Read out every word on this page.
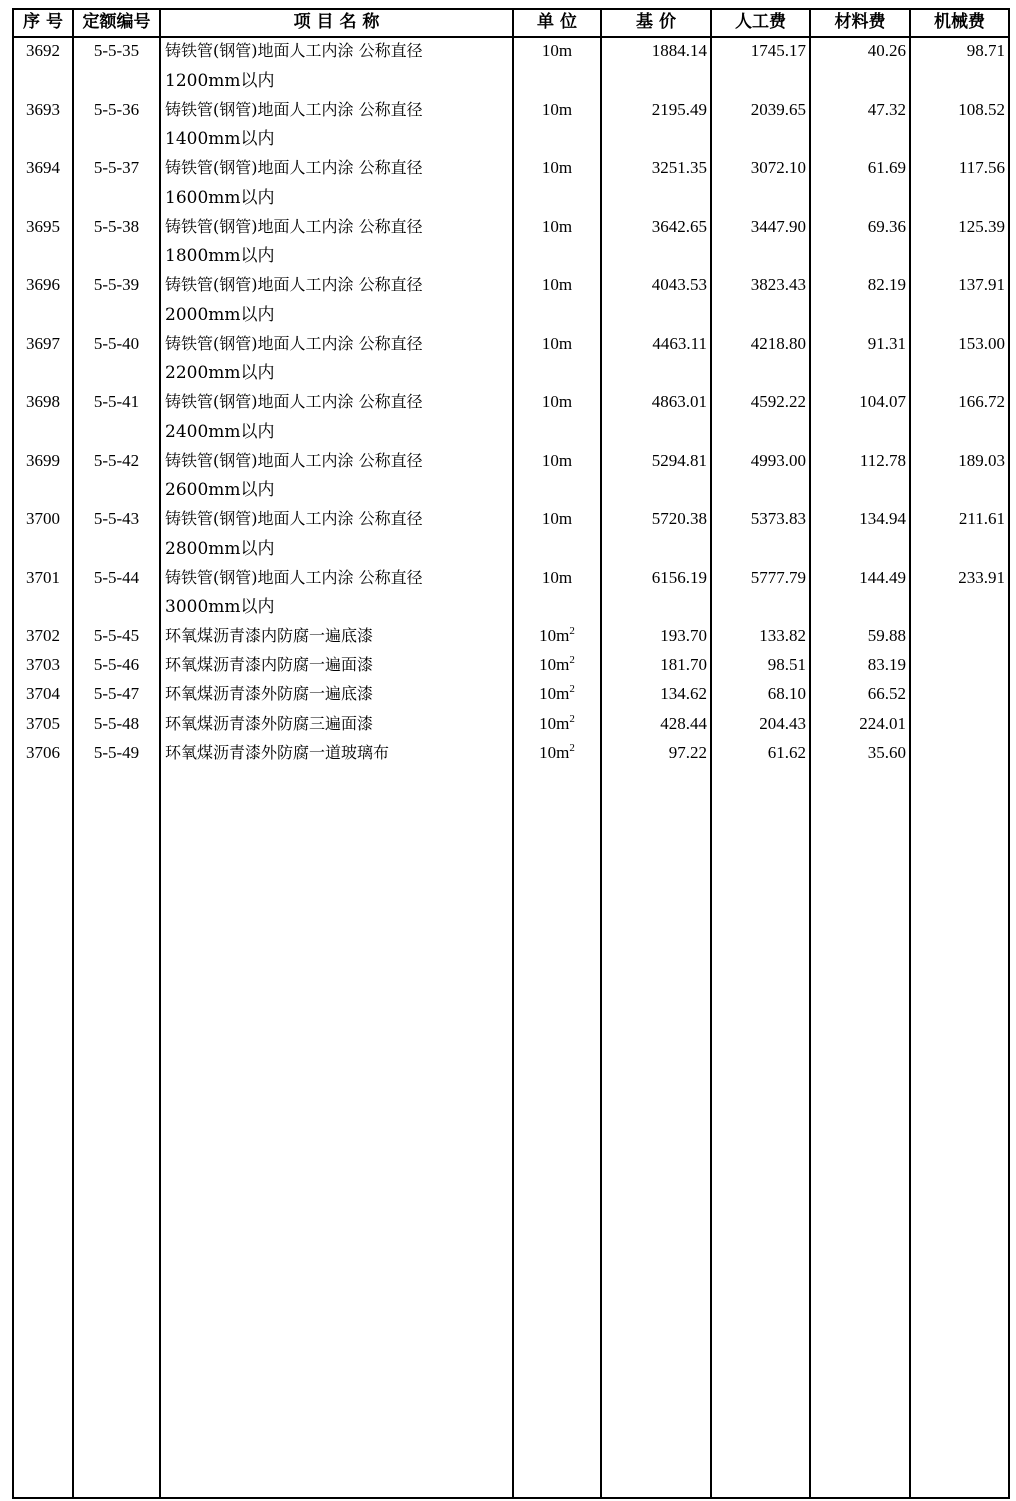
序 号	定额编号	项 目 名 称	单 位	基 价	人工费	材料费	机械费
3692	5-5-35	铸铁管(钢管)地面人工内涂 公称直径	10m	1884.14	1745.17	40.26	98.71
1200mm以内
3693	5-5-36	铸铁管(钢管)地面人工内涂 公称直径	10m	2195.49	2039.65	47.32	108.52
1400mm以内
3694	5-5-37	铸铁管(钢管)地面人工内涂 公称直径	10m	3251.35	3072.10	61.69	117.56
1600mm以内
3695	5-5-38	铸铁管(钢管)地面人工内涂 公称直径	10m	3642.65	3447.90	69.36	125.39
1800mm以内
3696	5-5-39	铸铁管(钢管)地面人工内涂 公称直径	10m	4043.53	3823.43	82.19	137.91
2000mm以内
3697	5-5-40	铸铁管(钢管)地面人工内涂 公称直径	10m	4463.11	4218.80	91.31	153.00
2200mm以内
3698	5-5-41	铸铁管(钢管)地面人工内涂 公称直径	10m	4863.01	4592.22	104.07	166.72
2400mm以内
3699	5-5-42	铸铁管(钢管)地面人工内涂 公称直径	10m	5294.81	4993.00	112.78	189.03
2600mm以内
3700	5-5-43	铸铁管(钢管)地面人工内涂 公称直径	10m	5720.38	5373.83	134.94	211.61
2800mm以内
3701	5-5-44	铸铁管(钢管)地面人工内涂 公称直径	10m	6156.19	5777.79	144.49	233.91
3000mm以内
3702	5-5-45	环氧煤沥青漆内防腐一遍底漆	$10m^2$	193.70	133.82	59.88
3703	5-5-46	环氧煤沥青漆内防腐一遍面漆	$10m^2$	181.70	98.51	83.19
3704	5-5-47	环氧煤沥青漆外防腐一遍底漆	$10m^2$	134.62	68.10	66.52
3705	5-5-48	环氧煤沥青漆外防腐三遍面漆	$10m^2$	428.44	204.43	224.01
3706	5-5-49	环氧煤沥青漆外防腐一道玻璃布	$10m^2$	97.22	61.62	35.60
